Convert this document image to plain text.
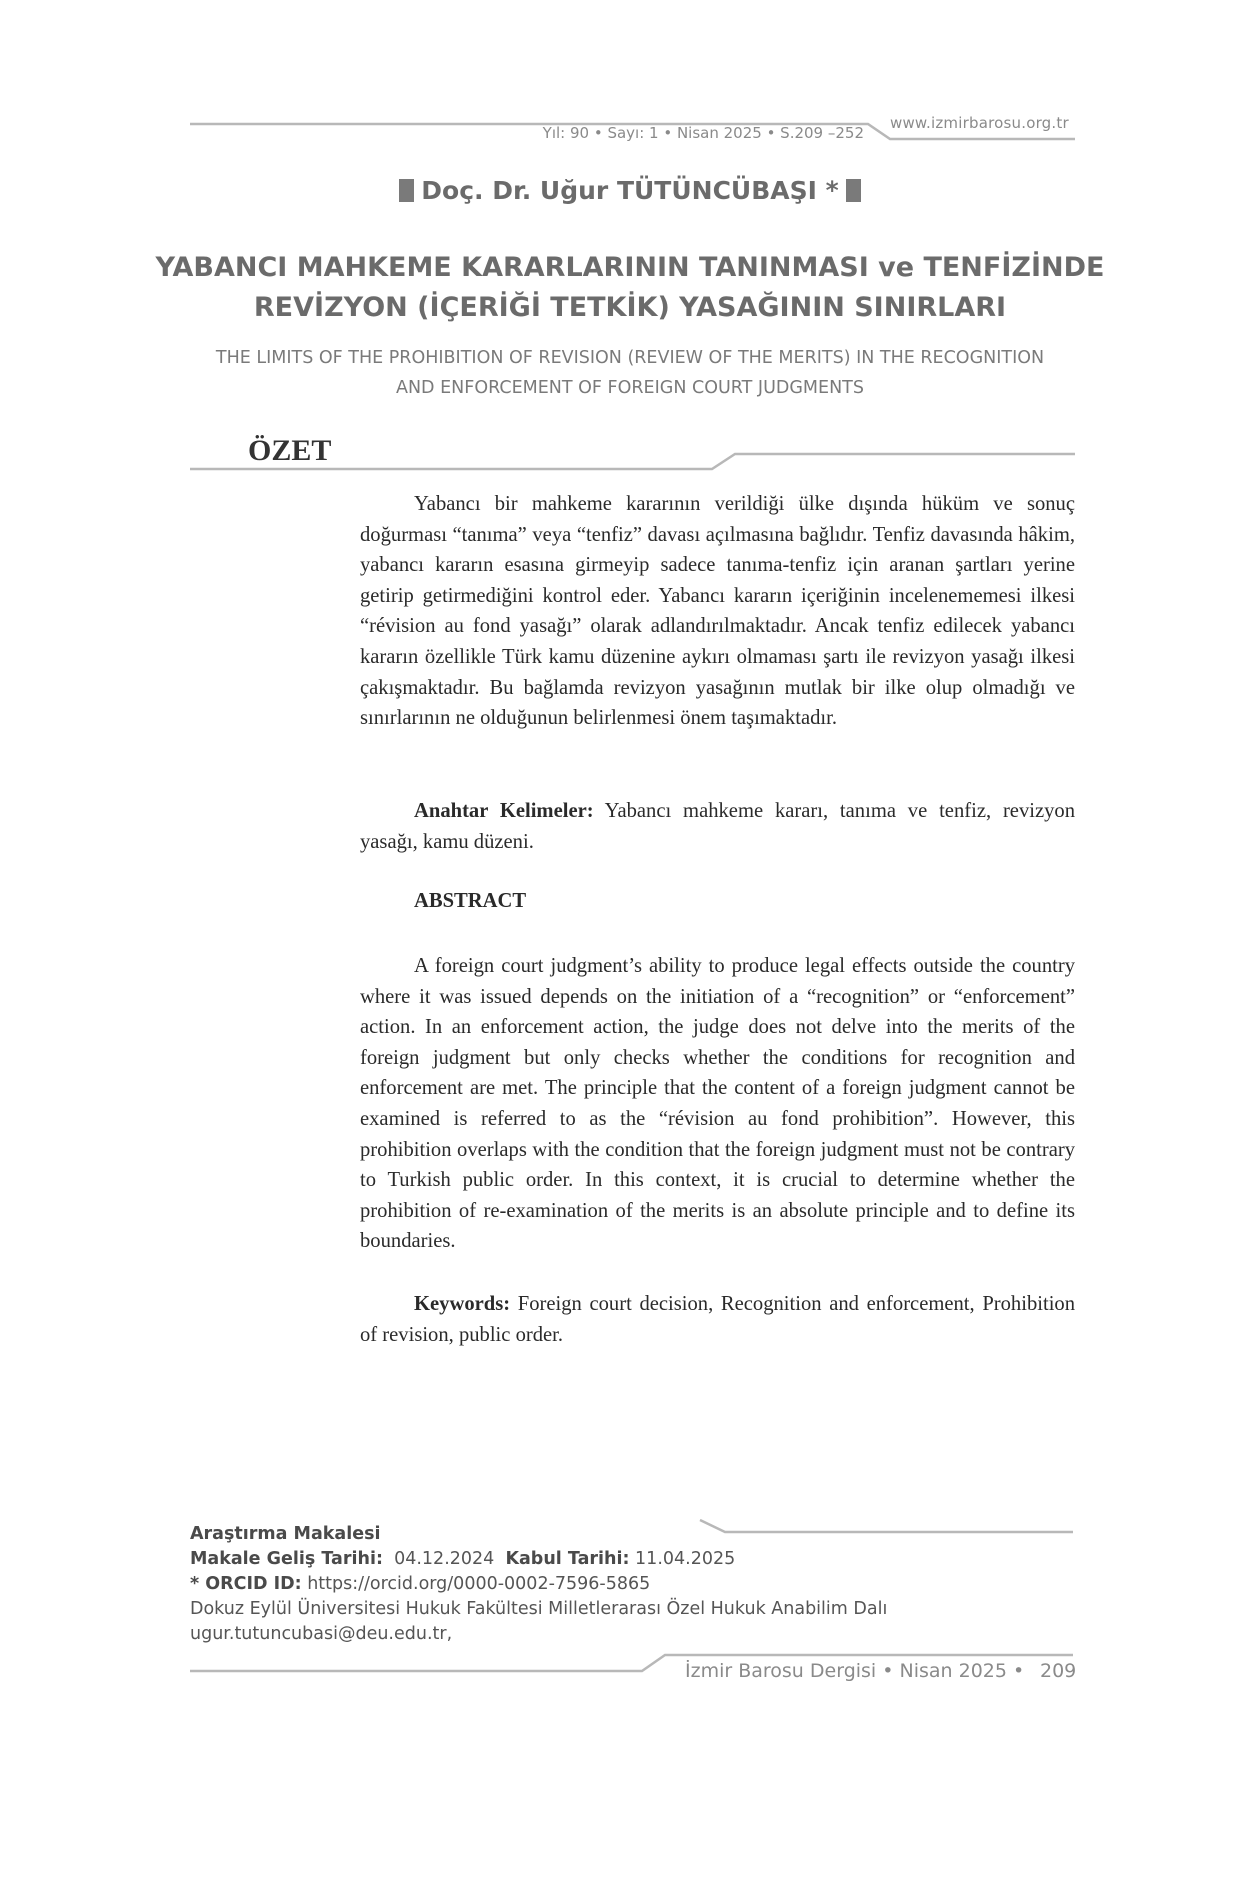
Yıl: 90 • Sayı: 1 • Nisan 2025 • S.209 –252
www.izmirbarosu.org.tr
Doç. Dr. Uğur TÜTÜNCÜBAŞI *
YABANCI MAHKEME KARARLARININ TANINMASI ve TENFİZİNDE
REVİZYON (İÇERİĞİ TETKİK) YASAĞININ SINIRLARI
THE LIMITS OF THE PROHIBITION OF REVISION (REVIEW OF THE MERITS) IN THE RECOGNITION
AND ENFORCEMENT OF FOREIGN COURT JUDGMENTS
ÖZET

Yabancı bir mahkeme kararının verildiği ülke dışında hüküm ve sonuç doğurması “tanıma” veya “tenfiz” davası açılmasına bağlıdır. Tenfiz davasında hâkim, yabancı kararın esasına girmeyip sadece tanıma-tenfiz için aranan şartları yerine getirip getirmediğini kontrol eder. Yabancı kararın içeriğinin incelenememesi ilkesi “révision au fond yasağı” olarak adlandırılmaktadır. Ancak tenfiz edilecek yabancı kararın özellikle Türk kamu düzenine aykırı olmaması şartı ile revizyon yasağı ilkesi çakışmaktadır. Bu bağlamda revizyon yasağının mutlak bir ilke olup olmadığı ve sınırlarının ne olduğunun belirlenmesi önem taşımaktadır.

Anahtar Kelimeler: Yabancı mahkeme kararı, tanıma ve tenfiz, revizyon yasağı, kamu düzeni.

ABSTRACT

A foreign court judgment’s ability to produce legal effects outside the country where it was issued depends on the initiation of a “recognition” or “enforcement” action. In an enforcement action, the judge does not delve into the merits of the foreign judgment but only checks whether the conditions for recognition and enforcement are met. The principle that the content of a foreign judgment cannot be examined is referred to as the “révision au fond prohibition”. However, this prohibition overlaps with the condition that the foreign judgment must not be contrary to Turkish public order. In this context, it is crucial to determine whether the prohibition of re-examination of the merits is an absolute principle and to define its boundaries.

Keywords: Foreign court decision, Recognition and enforcement, Prohibition of revision, public order.

Araştırma Makalesi
Makale Geliş Tarihi: 04.12.2024 Kabul Tarihi: 11.04.2025
* ORCID ID: https://orcid.org/0000-0002-7596-5865
Dokuz Eylül Üniversitesi Hukuk Fakültesi Milletlerarası Özel Hukuk Anabilim Dalı
ugur.tutuncubasi@deu.edu.tr,
İzmir Barosu Dergisi • Nisan 2025 • 209
